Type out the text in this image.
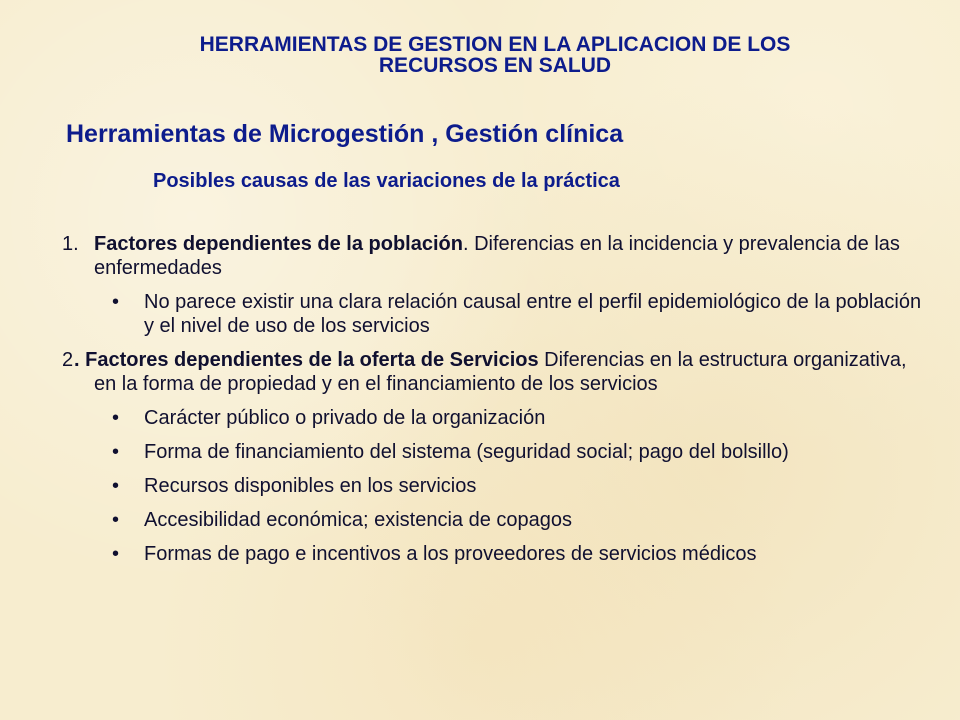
HERRAMIENTAS DE GESTION EN LA APLICACION DE LOS
RECURSOS EN SALUD
Herramientas de Microgestión , Gestión clínica
Posibles causas de las variaciones de la práctica
1. Factores dependientes de la población. Diferencias en la incidencia y prevalencia de las enfermedades
• No parece existir una clara relación causal entre el perfil epidemiológico de la población y el nivel de uso de los servicios
2 . Factores dependientes de la oferta de Servicios Diferencias en la estructura organizativa, en la forma de propiedad y en el financiamiento de los servicios
• Carácter público o privado de la organización
• Forma de financiamiento del sistema (seguridad social; pago del bolsillo)
• Recursos disponibles en los servicios
• Accesibilidad económica; existencia de copagos
• Formas de pago e incentivos a los proveedores de servicios médicos
